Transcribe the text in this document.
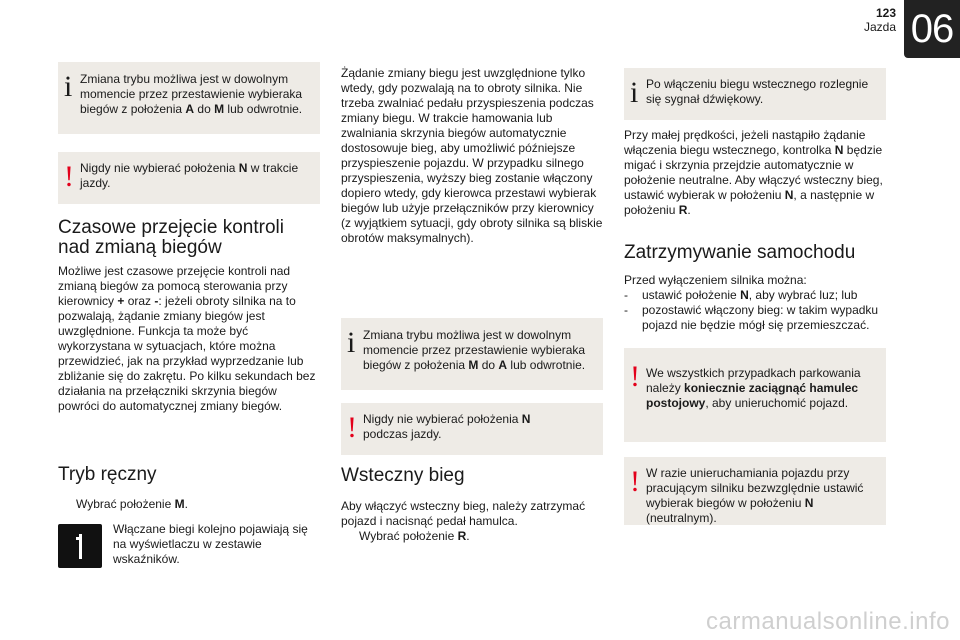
123
Jazda 06
i Zmiana trybu możliwa jest w dowolnym momencie przez przestawienie wybieraka biegów z położenia A do M lub odwrotnie.
! Nigdy nie wybierać położenia N w trakcie jazdy.
Czasowe przejęcie kontroli nad zmianą biegów
Możliwe jest czasowe przejęcie kontroli nad zmianą biegów za pomocą sterowania przy kierownicy + oraz -: jeżeli obroty silnika na to pozwalają, żądanie zmiany biegów jest uwzględnione. Funkcja ta może być wykorzystana w sytuacjach, które można przewidzieć, jak na przykład wyprzedzanie lub zbliżanie się do zakrętu. Po kilku sekundach bez działania na przełączniki skrzynia biegów powróci do automatycznej zmiany biegów.
Tryb ręczny
Wybrać położenie M.
Włączane biegi kolejno pojawiają się na wyświetlaczu w zestawie wskaźników.
Żądanie zmiany biegu jest uwzględnione tylko wtedy, gdy pozwalają na to obroty silnika. Nie trzeba zwalniać pedału przyspieszenia podczas zmiany biegu. W trakcie hamowania lub zwalniania skrzynia biegów automatycznie dostosowuje bieg, aby umożliwić późniejsze przyspieszenie pojazdu. W przypadku silnego przyspieszenia, wyższy bieg zostanie włączony dopiero wtedy, gdy kierowca przestawi wybierak biegów lub użyje przełączników przy kierownicy (z wyjątkiem sytuacji, gdy obroty silnika są bliskie obrotów maksymalnych).
i Zmiana trybu możliwa jest w dowolnym momencie przez przestawienie wybieraka biegów z położenia M do A lub odwrotnie.
! Nigdy nie wybierać położenia N podczas jazdy.
Wsteczny bieg
Aby włączyć wsteczny bieg, należy zatrzymać pojazd i nacisnąć pedał hamulca.
Wybrać położenie R.
i Po włączeniu biegu wstecznego rozlegnie się sygnał dźwiękowy.
Przy małej prędkości, jeżeli nastąpiło żądanie włączenia biegu wstecznego, kontrolka N będzie migać i skrzynia przejdzie automatycznie w położenie neutralne. Aby włączyć wsteczny bieg, ustawić wybierak w położeniu N, a następnie w położeniu R.
Zatrzymywanie samochodu
Przed wyłączeniem silnika można:
-	ustawić położenie N, aby wybrać luz; lub
-	pozostawić włączony bieg: w takim wypadku pojazd nie będzie mógł się przemieszczać.
! We wszystkich przypadkach parkowania należy koniecznie zaciągnąć hamulec postojowy, aby unieruchomić pojazd.
! W razie unieruchamiania pojazdu przy pracującym silniku bezwzględnie ustawić wybierak biegów w położeniu N (neutralnym).
carmanualsonline.info
